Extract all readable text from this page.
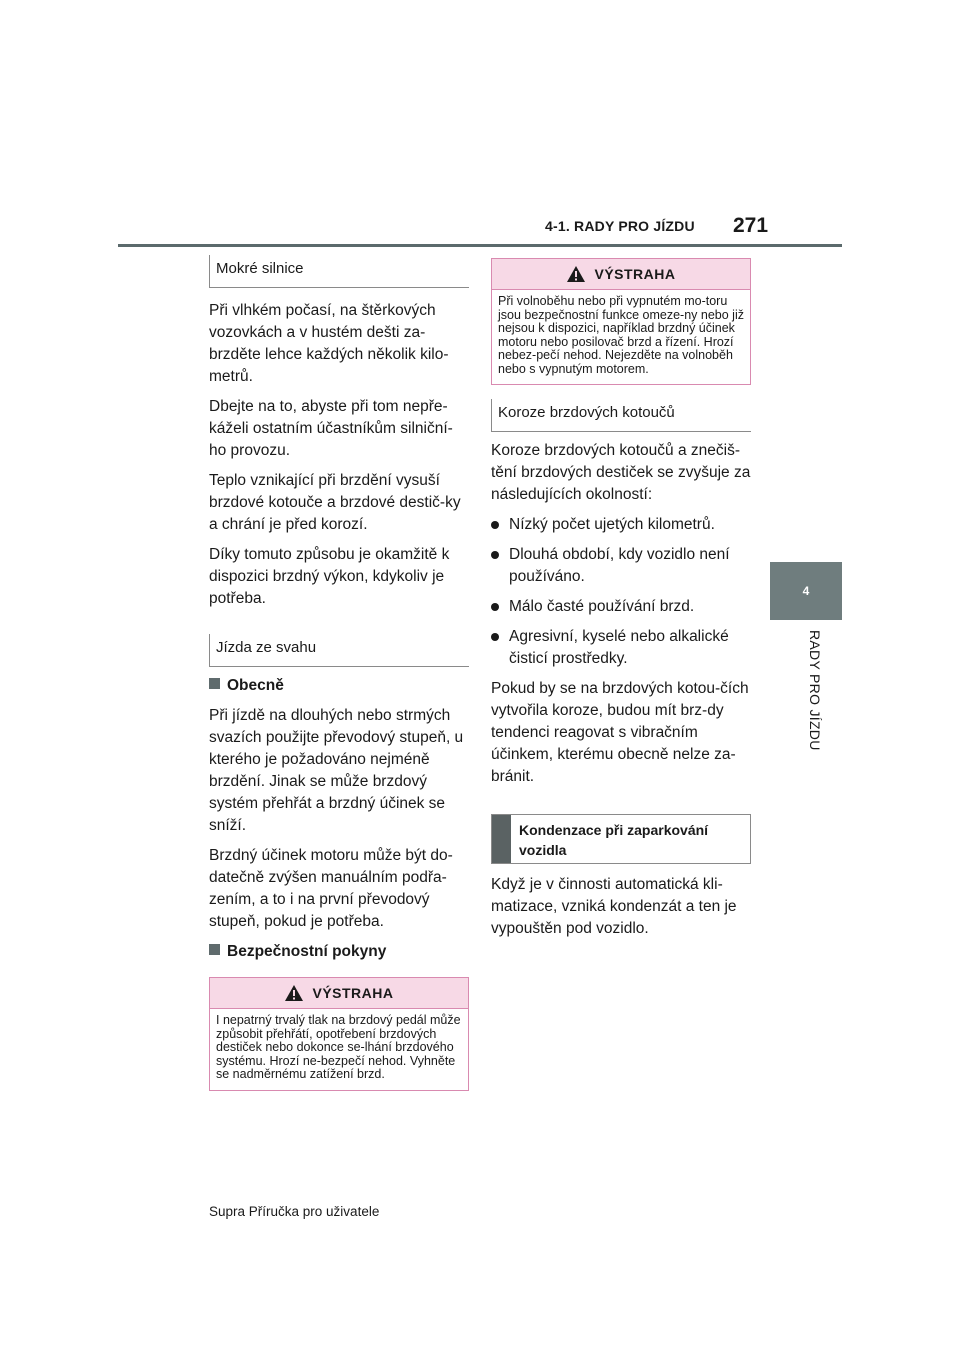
4-1. RADY PRO JÍZDU 271
4
RADY PRO JÍZDU
Mokré silnice

Při vlhkém počasí, na štěrkových vozovkách a v hustém dešti za-brzděte lehce každých několik kilo-metrů.

Dbejte na to, abyste při tom nepře-káželi ostatním účastníkům silniční-ho provozu.

Teplo vznikající při brzdění vysuší brzdové kotouče a brzdové destič-ky a chrání je před korozí.

Díky tomuto způsobu je okamžitě k dispozici brzdný výkon, kdykoliv je potřeba.

Jízda ze svahu
Obecně

Při jízdě na dlouhých nebo strmých svazích použijte převodový stupeň, u kterého je požadováno nejméně brzdění. Jinak se může brzdový systém přehřát a brzdný účinek se sníží.

Brzdný účinek motoru může být do-datečně zvýšen manuálním podřa-zením, a to i na první převodový stupeň, pokud je potřeba.

Bezpečnostní pokyny
VÝSTRAHA
I nepatrný trvalý tlak na brzdový pedál může způsobit přehřátí, opotřebení brzdových destiček nebo dokonce se-lhání brzdového systému. Hrozí ne-bezpečí nehod. Vyhněte se nadměrnému zatížení brzd.
VÝSTRAHA
Při volnoběhu nebo při vypnutém mo-toru jsou bezpečnostní funkce omeze-ny nebo již nejsou k dispozici, například brzdný účinek motoru nebo posilovač brzd a řízení. Hrozí nebez-pečí nehod. Nejezděte na volnoběh nebo s vypnutým motorem.
Koroze brzdových kotoučů

Koroze brzdových kotoučů a znečiš-tění brzdových destiček se zvyšuje za následujících okolností:

Nízký počet ujetých kilometrů.
Dlouhá období, kdy vozidlo není používáno.
Málo časté používání brzd.
Agresivní, kyselé nebo alkalické čisticí prostředky.

Pokud by se na brzdových kotou-čích vytvořila koroze, budou mít brz-dy tendenci reagovat s vibračním účinkem, kterému obecně nelze za-bránit.

Kondenzace při zaparkování vozidla

Když je v činnosti automatická kli-matizace, vzniká kondenzát a ten je vypouštěn pod vozidlo.

Supra Příručka pro uživatele
